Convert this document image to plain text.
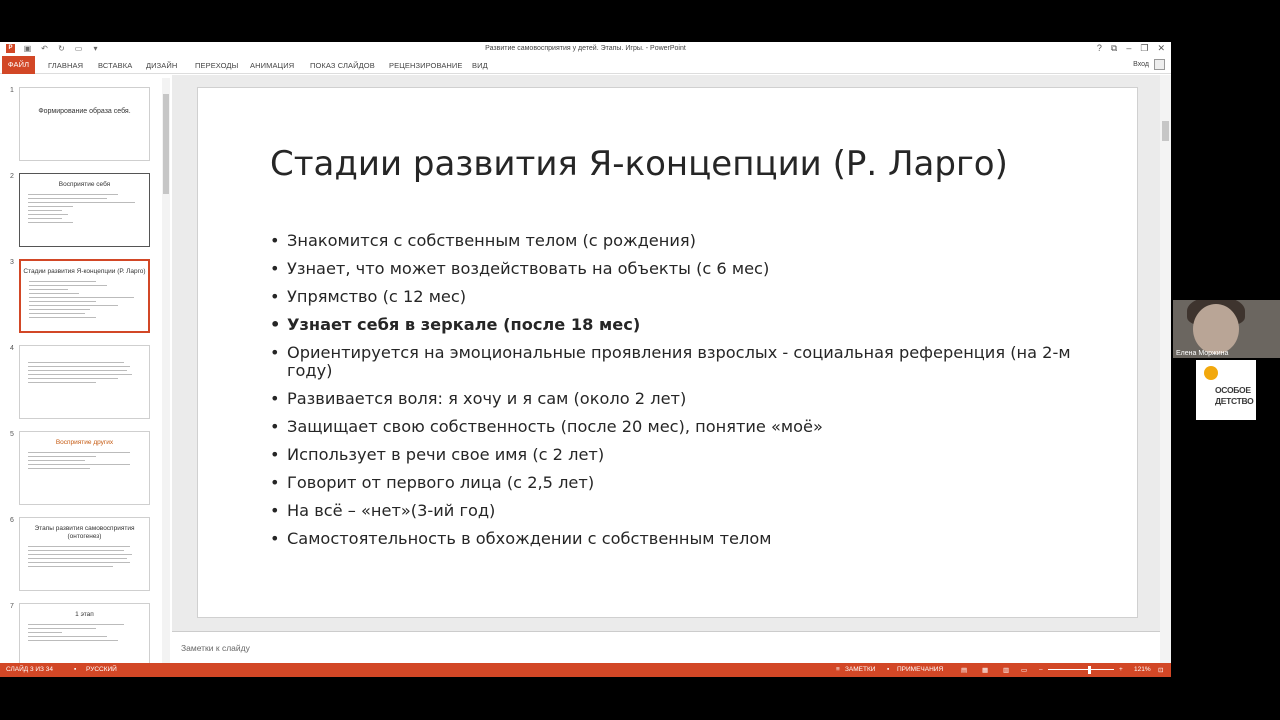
P	▣ ↶ ↻ ▭	▾	Развитие самовосприятия у детей. Этапы. Игры. - PowerPoint	? ⧉ – ❐ ✕
ФАЙЛ	ГЛАВНАЯ ВСТАВКА ДИЗАЙН ПЕРЕХОДЫ АНИМАЦИЯ ПОКАЗ СЛАЙДОВ РЕЦЕНЗИРОВАНИЕ ВИД	Вход
1
Формирование образа себя.
2
Восприятие себя
3
Стадии развития Я-концепции (Р. Ларго)
4
5
Восприятие других
6
Этапы развития самовосприятия (онтогенез)
7
1 этап
Стадии развития Я-концепции (Р. Ларго)
• Знакомится с собственным телом (с рождения)
• Узнает, что может воздействовать на объекты (с 6 мес)
• Упрямство (с 12 мес)
• Узнает себя в зеркале (после 18 мес)
• Ориентируется на эмоциональные проявления взрослых - социальная референция (на 2-м году)
• Развивается воля: я хочу и я сам (около 2 лет)
• Защищает свою собственность (после 20 мес), понятие «моё»
• Использует в речи свое имя (с 2 лет)
• Говорит от первого лица (с 2,5 лет)
• На всё – «нет»(3-ий год)
• Самостоятельность в обхождении с собственным телом
Заметки к слайду
СЛАЙД 3 ИЗ 34	▪ РУССКИЙ	≡ ЗАМЕТКИ ▪ ПРИМЕЧАНИЯ	▤ ▦ ▥ ▭ –	+ 121% ⊡
Елена Моржина
ОСОБОЕ
ДЕТСТВО
